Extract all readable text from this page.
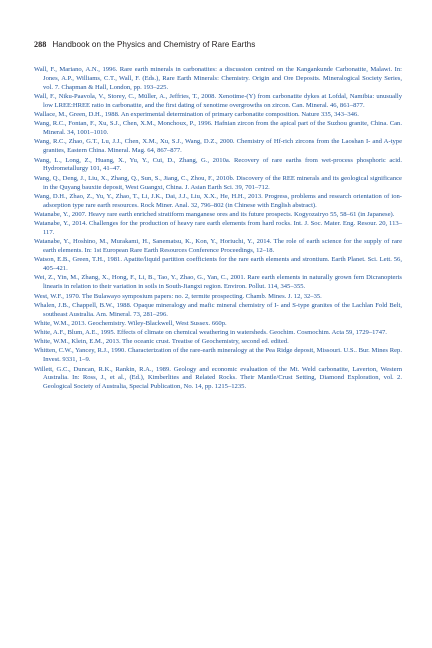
288 Handbook on the Physics and Chemistry of Rare Earths

Wall, F., Mariano, A.N., 1996. Rare earth minerals in carbonatites: a discussion centred on the Kangankunde Carbonatite, Malawi. In: Jones, A.P., Williams, C.T., Wall, F. (Eds.), Rare Earth Minerals: Chemistry. Origin and Ore Deposits. Mineralogical Society Series, vol. 7. Chapman & Hall, London, pp. 193–225.

Wall, F., Niku-Paavola, V., Storey, C., Müller, A., Jeffries, T., 2008. Xenotime-(Y) from carbonatite dykes at Lofdal, Namibia: unusually low LREE:HREE ratio in carbonatite, and the first dating of xenotime overgrowths on zircon. Can. Mineral. 46, 861–877.

Wallace, M., Green, D.H., 1988. An experimental determination of primary carbonatite composition. Nature 335, 343–346.

Wang, R.C., Fontan, F., Xu, S.J., Chen, X.M., Monchoux, P., 1996. Hafnian zircon from the apical part of the Suzhou granite, China. Can. Mineral. 34, 1001–1010.

Wang, R.C., Zhao, G.T., Lu, J.J., Chen, X.M., Xu, S.J., Wang, D.Z., 2000. Chemistry of Hf-rich zircons from the Laoshan I- and A-type granites, Eastern China. Mineral. Mag. 64, 867–877.

Wang, L., Long, Z., Huang, X., Yu, Y., Cui, D., Zhang, G., 2010a. Recovery of rare earths from wet-process phosphoric acid. Hydrometallurgy 101, 41–47.

Wang, Q., Deng, J., Liu, X., Zhang, Q., Sun, S., Jiang, C., Zhou, F., 2010b. Discovery of the REE minerals and its geological significance in the Quyang bauxite deposit, West Guangxi, China. J. Asian Earth Sci. 39, 701–712.

Wang, D.H., Zhao, Z., Yu, Y., Zhao, T., Li, J.K., Dai, J.J., Liu, X.X., He, H.H., 2013. Progress, problems and research orientation of ion-adsorption type rare earth resources. Rock Miner. Anal. 32, 796–802 (in Chinese with English abstract).

Watanabe, Y., 2007. Heavy rare earth enriched stratiform manganese ores and its future prospects. Kogyozairyo 55, 58–61 (in Japanese).

Watanabe, Y., 2014. Challenges for the production of heavy rare earth elements from hard rocks. Int. J. Soc. Mater. Eng. Resour. 20, 113–117.

Watanabe, Y., Hoshino, M., Murakami, H., Sanematsu, K., Kon, Y., Horiuchi, Y., 2014. The role of earth science for the supply of rare earth elements. In: 1st European Rare Earth Resources Conference Proceedings, 12–18.

Watson, E.B., Green, T.H., 1981. Apatite/liquid partition coefficients for the rare earth elements and strontium. Earth Planet. Sci. Lett. 56, 405–421.

Wei, Z., Yin, M., Zhang, X., Hong, F., Li, B., Tao, Y., Zhao, G., Yan, C., 2001. Rare earth elements in naturally grown fern Dicranopteris linearis in relation to their variation in soils in South-Jiangxi region. Environ. Pollut. 114, 345–355.

West, W.F., 1970. The Bulawayo symposium papers: no. 2, termite prospecting. Chamb. Mines. J. 12, 32–35.

Whalen, J.B., Chappell, B.W., 1988. Opaque mineralogy and mafic mineral chemistry of I- and S-type granites of the Lachlan Fold Belt, southeast Australia. Am. Mineral. 73, 281–296.

White, W.M., 2013. Geochemistry. Wiley-Blackwell, West Sussex. 660p.

White, A.F., Blum, A.E., 1995. Effects of climate on chemical weathering in watersheds. Geochim. Cosmochim. Acta 59, 1729–1747.

White, W.M., Klein, E.M., 2013. The oceanic crust. Treatise of Geochemistry, second ed. edited.

Whitten, C.W., Yancey, R.J., 1990. Characterization of the rare-earth mineralogy at the Pea Ridge deposit, Missouri. U.S.. Bur. Mines Rep. Invest. 9331, 1–9.

Willett, G.C., Duncan, R.K., Rankin, R.A., 1989. Geology and economic evaluation of the Mt. Weld carbonatite, Laverton, Western Australia. In: Ross, J., et al., (Ed.), Kimberlites and Related Rocks. Their Mantle/Crust Setting, Diamond Exploration, vol. 2. Geological Society of Australia, Special Publication, No. 14, pp. 1215–1235.
